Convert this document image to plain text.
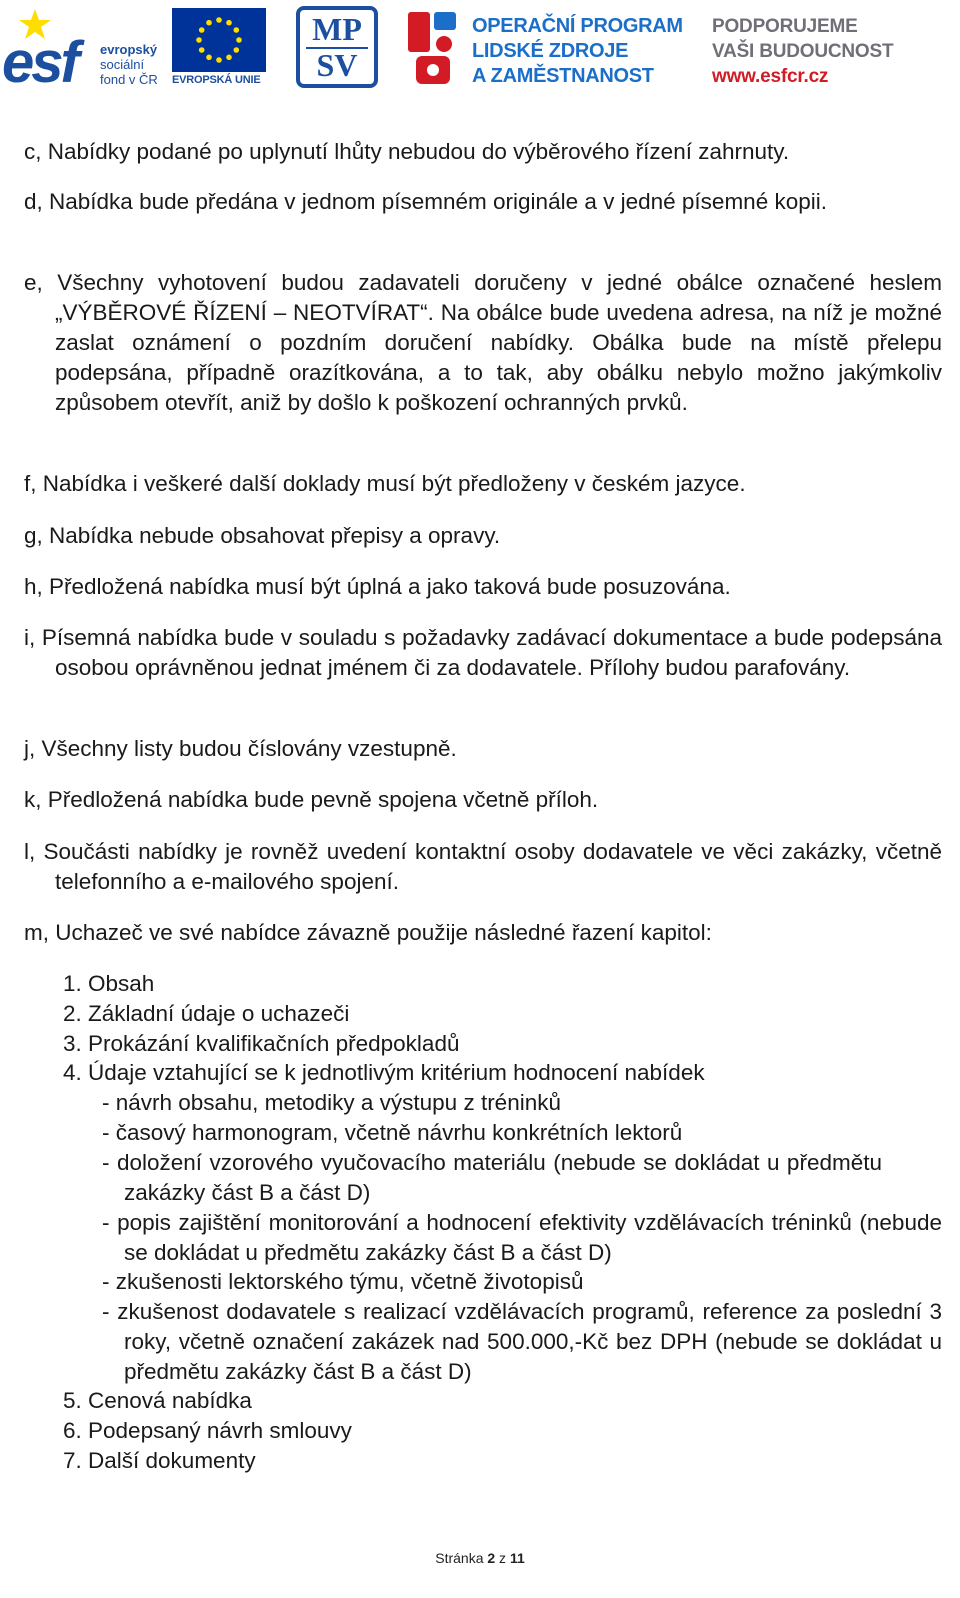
esf evropský
sociální
fond v ČR EVROPSKÁ UNIE
MP
SV
OPERAČNÍ PROGRAM
LIDSKÉ ZDROJE
A ZAMĚSTNANOST
PODPORUJEME
VAŠI BUDOUCNOST
www.esfcr.cz
c, Nabídky podané po uplynutí lhůty nebudou do výběrového řízení zahrnuty.
d, Nabídka bude předána v jednom písemném originále a v jedné písemné kopii.
e, Všechny vyhotovení budou zadavateli doručeny v jedné obálce označené heslem „VÝBĚROVÉ ŘÍZENÍ – NEOTVÍRAT“. Na obálce bude uvedena adresa, na níž je možné zaslat oznámení o pozdním doručení nabídky. Obálka bude na místě přelepu podepsána, případně orazítkována, a to tak, aby obálku nebylo možno jakýmkoliv způsobem otevřít, aniž by došlo k poškození ochranných prvků.
f, Nabídka i veškeré další doklady musí být předloženy v českém jazyce.
g, Nabídka nebude obsahovat přepisy a opravy.
h, Předložená nabídka musí být úplná a jako taková bude posuzována.
i, Písemná nabídka bude v souladu s požadavky zadávací dokumentace a bude podepsána osobou oprávněnou jednat jménem či za dodavatele. Přílohy budou parafovány.
j, Všechny listy budou číslovány vzestupně.
k, Předložená nabídka bude pevně spojena včetně příloh.
l, Součásti nabídky je rovněž uvedení kontaktní osoby dodavatele ve věci zakázky, včetně telefonního a e-mailového spojení.
m, Uchazeč ve své nabídce závazně použije následné řazení kapitol:
1. Obsah
2. Základní údaje o uchazeči
3. Prokázání kvalifikačních předpokladů
4. Údaje vztahující se k jednotlivým kritérium hodnocení nabídek
- návrh obsahu, metodiky a výstupu z tréninků
- časový harmonogram, včetně návrhu konkrétních lektorů
- doložení vzorového vyučovacího materiálu (nebude se dokládat u předmětu zakázky část B a část D)
- popis zajištění monitorování a hodnocení efektivity vzdělávacích tréninků (nebude se dokládat u předmětu zakázky část B a část D)
- zkušenosti lektorského týmu, včetně životopisů
- zkušenost dodavatele s realizací vzdělávacích programů, reference za poslední 3 roky, včetně označení zakázek nad 500.000,-Kč bez DPH (nebude se dokládat u předmětu zakázky část B a část D)
5. Cenová nabídka
6. Podepsaný návrh smlouvy
7. Další dokumenty
Stránka 2 z 11
